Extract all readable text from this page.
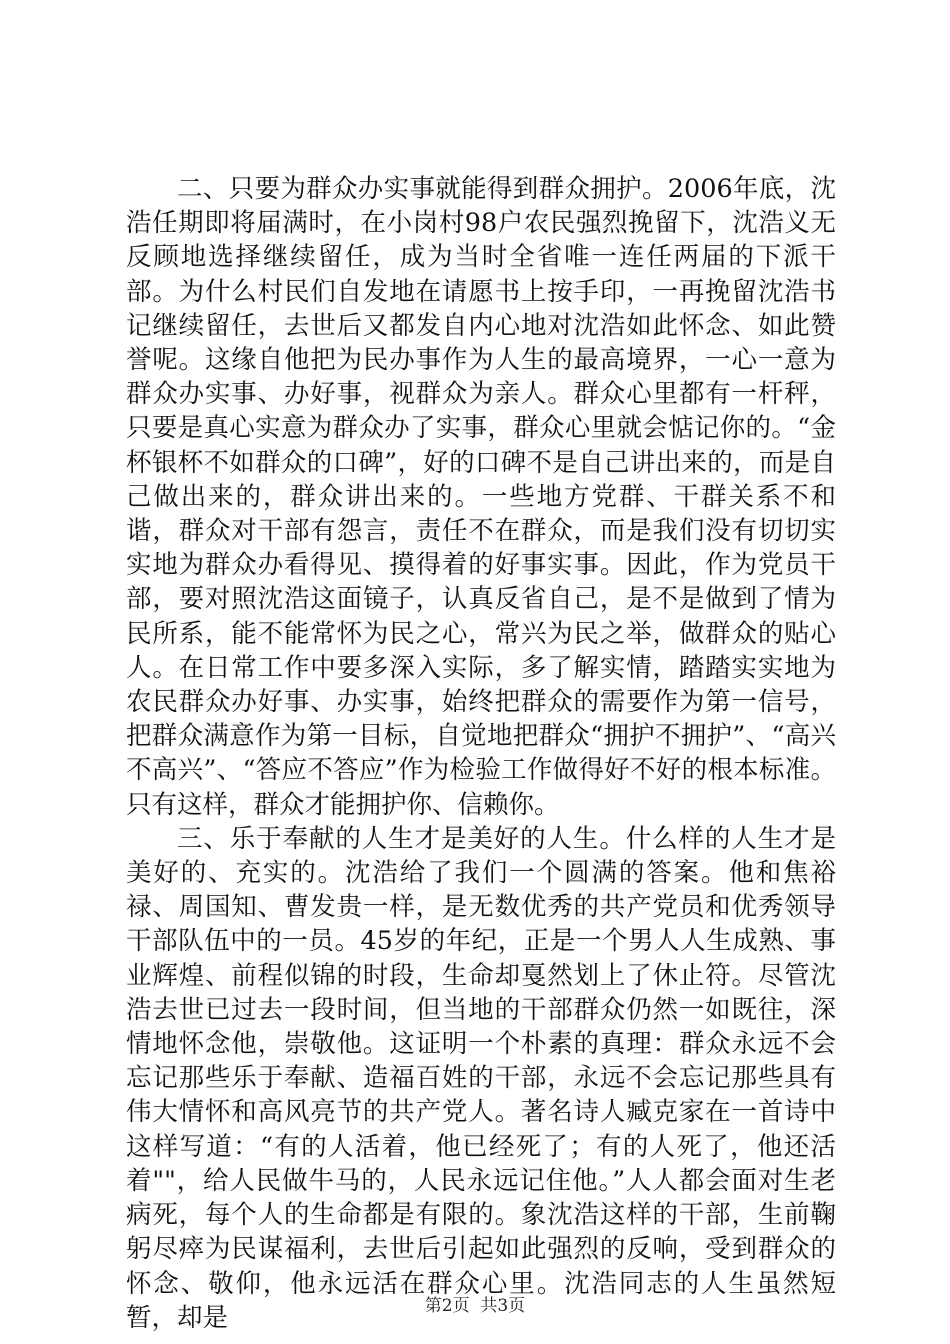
二、只要为群众办实事就能得到群众拥护。2006年底，沈浩任期即将届满时，在小岗村98户农民强烈挽留下，沈浩义无反顾地选择继续留任，成为当时全省唯一连任两届的下派干部。为什么村民们自发地在请愿书上按手印，一再挽留沈浩书记继续留任，去世后又都发自内心地对沈浩如此怀念、如此赞誉呢。这缘自他把为民办事作为人生的最高境界，一心一意为群众办实事、办好事，视群众为亲人。群众心里都有一杆秤，只要是真心实意为群众办了实事，群众心里就会惦记你的。“金杯银杯不如群众的口碑”，好的口碑不是自己讲出来的，而是自己做出来的，群众讲出来的。一些地方党群、干群关系不和谐，群众对干部有怨言，责任不在群众，而是我们没有切切实实地为群众办看得见、摸得着的好事实事。因此，作为党员干部，要对照沈浩这面镜子，认真反省自己，是不是做到了情为民所系，能不能常怀为民之心，常兴为民之举，做群众的贴心人。在日常工作中要多深入实际，多了解实情，踏踏实实地为农民群众办好事、办实事，始终把群众的需要作为第一信号，把群众满意作为第一目标，自觉地把群众“拥护不拥护”、“高兴不高兴”、“答应不答应”作为检验工作做得好不好的根本标准。只有这样，群众才能拥护你、信赖你。

三、乐于奉献的人生才是美好的人生。什么样的人生才是美好的、充实的。沈浩给了我们一个圆满的答案。他和焦裕禄、周国知、曹发贵一样，是无数优秀的共产党员和优秀领导干部队伍中的一员。45岁的年纪，正是一个男人人生成熟、事业辉煌、前程似锦的时段，生命却戛然划上了休止符。尽管沈浩去世已过去一段时间，但当地的干部群众仍然一如既往，深情地怀念他，崇敬他。这证明一个朴素的真理：群众永远不会忘记那些乐于奉献、造福百姓的干部，永远不会忘记那些具有伟大情怀和高风亮节的共产党人。著名诗人臧克家在一首诗中这样写道：“有的人活着，他已经死了；有的人死了，他还活着""，给人民做牛马的，人民永远记住他。”人人都会面对生老病死，每个人的生命都是有限的。象沈浩这样的干部，生前鞠躬尽瘁为民谋福利，去世后引起如此强烈的反响，受到群众的怀念、敬仰，他永远活在群众心里。沈浩同志的人生虽然短暂，却是	第2页  共3页
